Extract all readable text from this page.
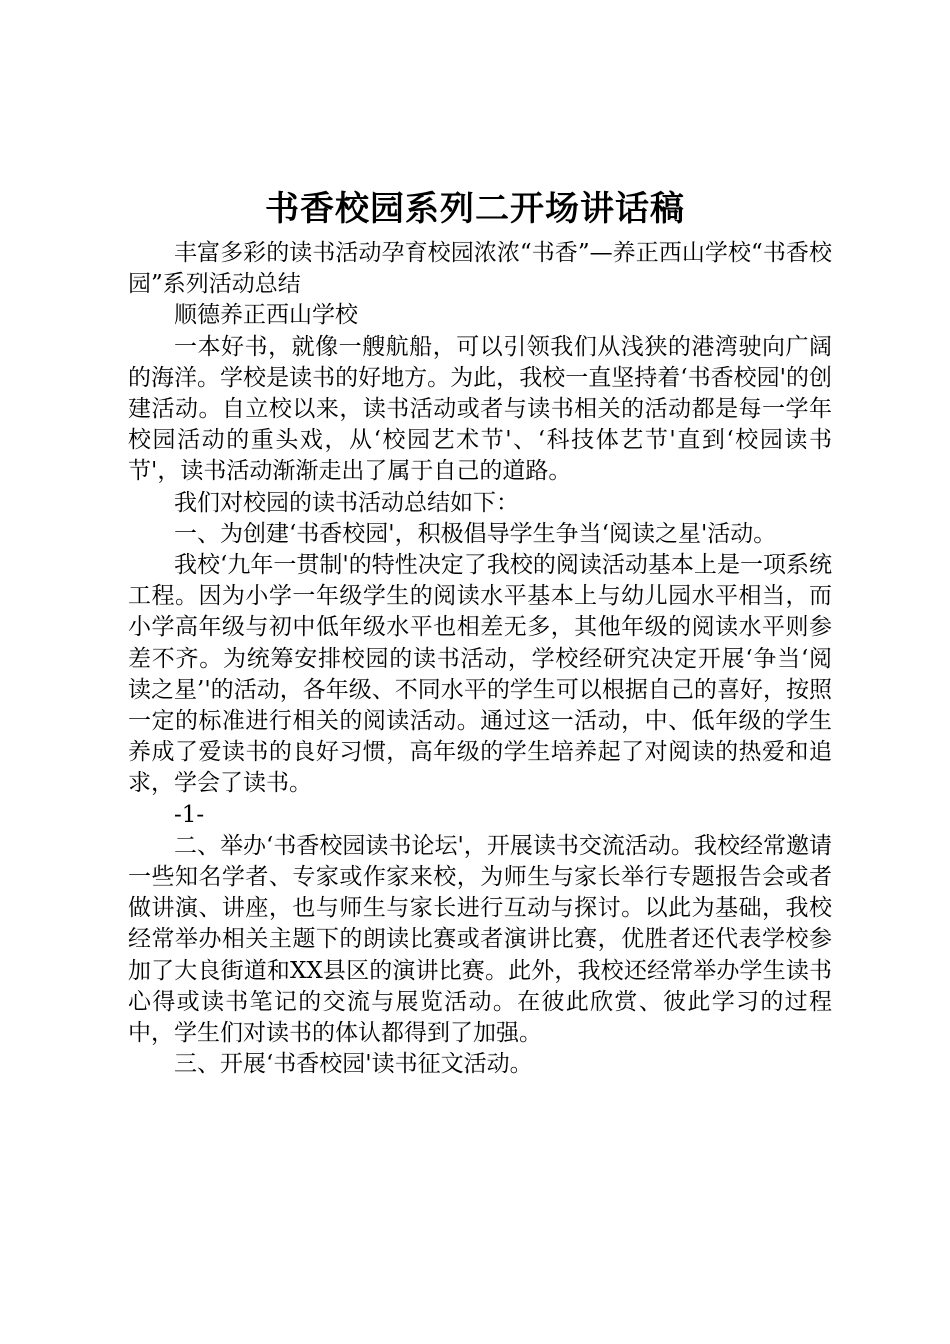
书香校园系列二开场讲话稿

丰富多彩的读书活动孕育校园浓浓“书香”—养正西山学校“书香校园”系列活动总结

顺德养正西山学校

一本好书，就像一艘航船，可以引领我们从浅狭的港湾驶向广阔的海洋。学校是读书的好地方。为此，我校一直坚持着‘书香校园'的创建活动。自立校以来，读书活动或者与读书相关的活动都是每一学年校园活动的重头戏，从‘校园艺术节'、‘科技体艺节'直到‘校园读书节'，读书活动渐渐走出了属于自己的道路。

我们对校园的读书活动总结如下：

一、为创建‘书香校园'，积极倡导学生争当‘阅读之星'活动。

我校‘九年一贯制'的特性决定了我校的阅读活动基本上是一项系统工程。因为小学一年级学生的阅读水平基本上与幼儿园水平相当，而小学高年级与初中低年级水平也相差无多，其他年级的阅读水平则参差不齐。为统筹安排校园的读书活动，学校经研究决定开展‘争当‘阅读之星’'的活动，各年级、不同水平的学生可以根据自己的喜好，按照一定的标准进行相关的阅读活动。通过这一活动，中、低年级的学生养成了爱读书的良好习惯，高年级的学生培养起了对阅读的热爱和追求，学会了读书。

-1-

二、举办‘书香校园读书论坛'，开展读书交流活动。我校经常邀请一些知名学者、专家或作家来校，为师生与家长举行专题报告会或者做讲演、讲座，也与师生与家长进行互动与探讨。以此为基础，我校经常举办相关主题下的朗读比赛或者演讲比赛，优胜者还代表学校参加了大良街道和XX县区的演讲比赛。此外，我校还经常举办学生读书心得或读书笔记的交流与展览活动。在彼此欣赏、彼此学习的过程中，学生们对读书的体认都得到了加强。

三、开展‘书香校园'读书征文活动。
